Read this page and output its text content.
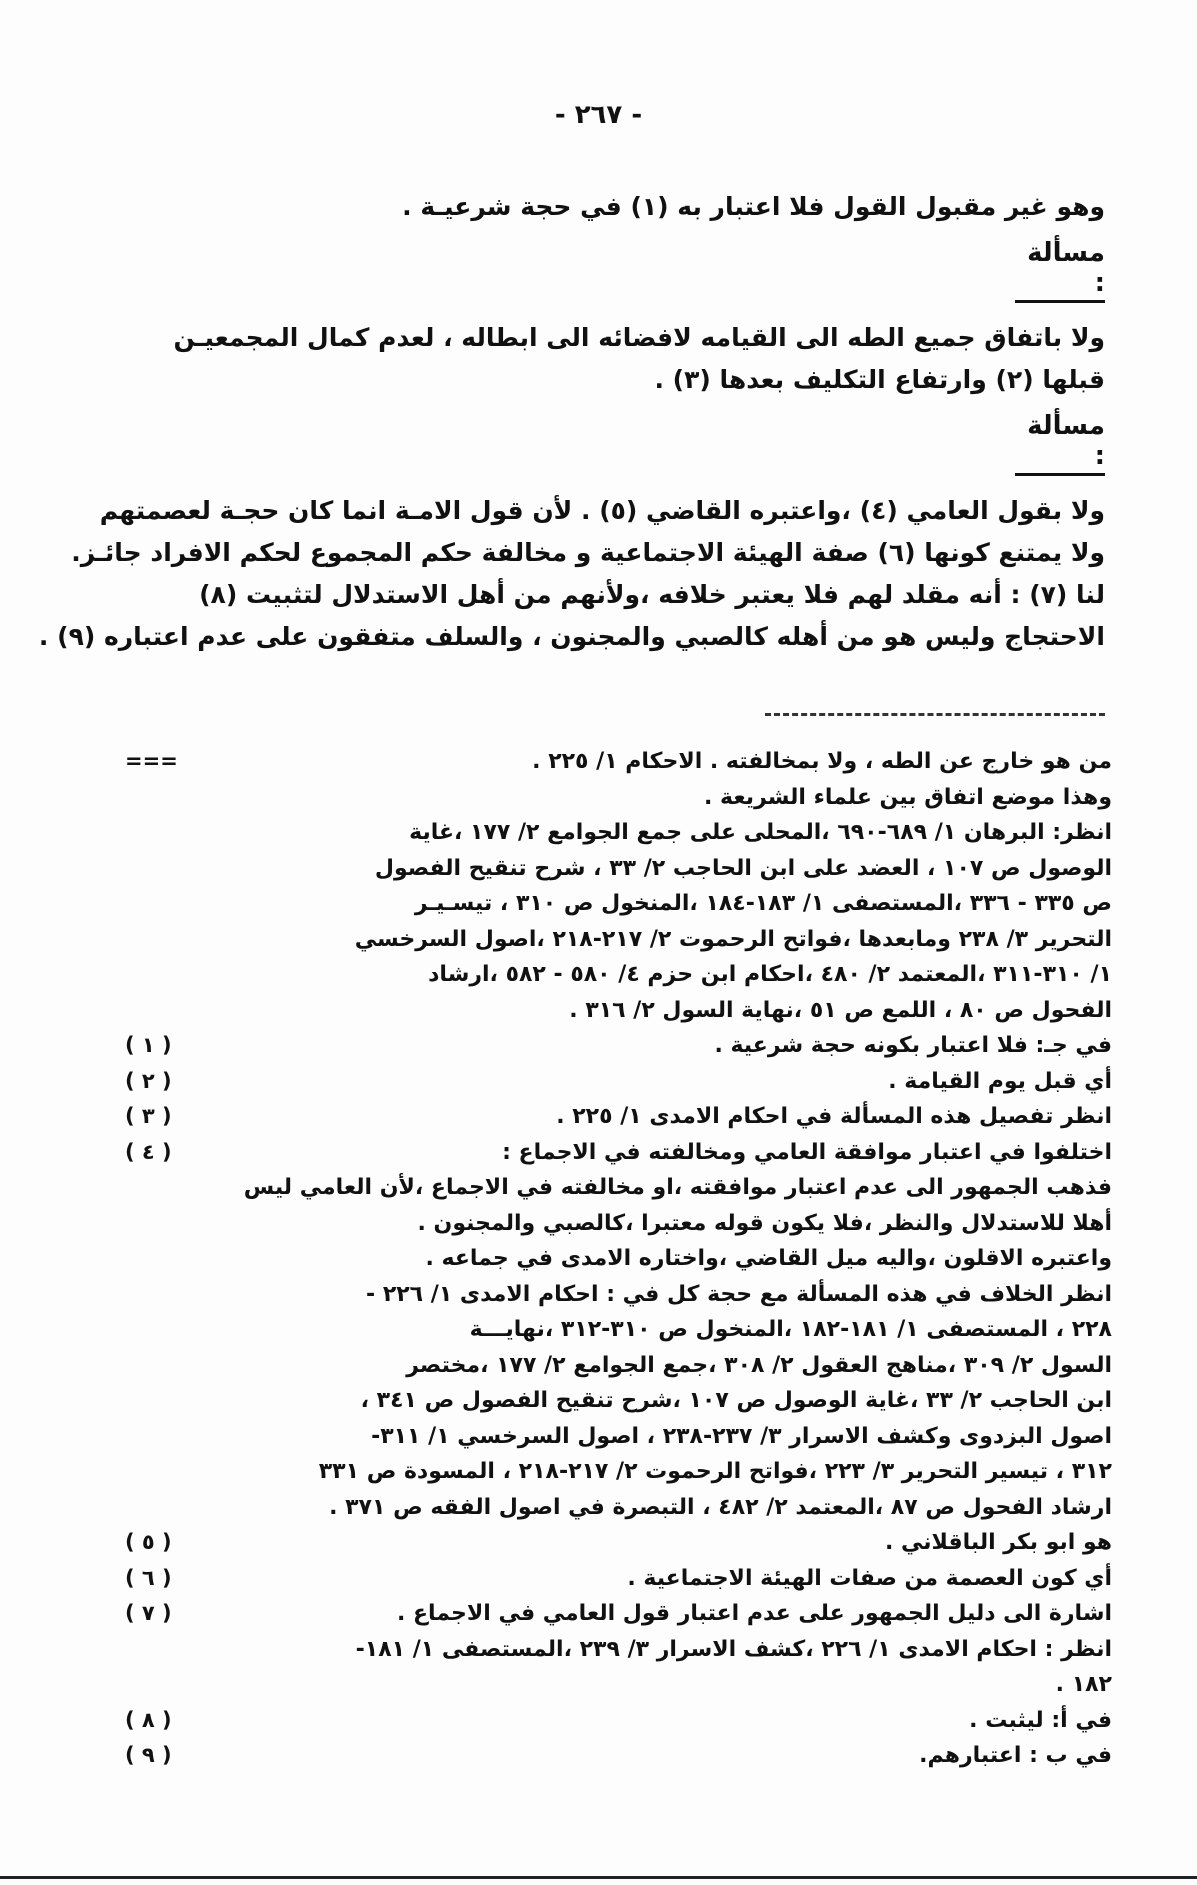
- ٢٦٧ -
وهو غير مقبول القول فلا اعتبار به (١) في حجة شرعيـة .
مسألة :
ولا باتفاق جميع الطه الى القيامه لافضائه الى ابطاله ، لعدم كمال المجمعيـن
قبلها (٢) وارتفاع التكليف بعدها (٣) .
مسألة :
ولا بقول العامي (٤) ،واعتبره القاضي (٥) . لأن قول الامـة انما كان حجـة لعصمتهم
ولا يمتنع كونها (٦) صفة الهيئة الاجتماعية و مخالفة حكم المجموع لحكم الافراد جائـز.
لنا (٧) : أنه مقلد لهم فلا يعتبر خلافه ،ولأنهم من أهل الاستدلال لتثبيت (٨)
الاحتجاج وليس هو من أهله كالصبي والمجنون ، والسلف متفقون على عدم اعتباره (٩) .
===	من هو خارج عن الطه ، ولا بمخالفته . الاحكام ١/ ٢٢٥ .
وهذا موضع اتفاق بين علماء الشريعة .
انظر: البرهان ١/ ٦٨٩-٦٩٠ ،المحلى على جمع الجوامع ٢/ ١٧٧ ،غاية
الوصول ص ١٠٧ ، العضد على ابن الحاجب ٢/ ٣٣ ، شرح تنقيح الفصول
ص ٣٣٥ - ٣٣٦ ،المستصفى ١/ ١٨٣-١٨٤ ،المنخول ص ٣١٠ ، تيسـيـر
التحرير ٣/ ٢٣٨ ومابعدها ،فواتح الرحموت ٢/ ٢١٧-٢١٨ ،اصول السرخسي
١/ ٣١٠-٣١١ ،المعتمد ٢/ ٤٨٠ ،احكام ابن حزم ٤/ ٥٨٠ - ٥٨٢ ،ارشاد
الفحول ص ٨٠ ، اللمع ص ٥١ ،نهاية السول ٢/ ٣١٦ .
( ١ )	في جـ: فلا اعتبار بكونه حجة شرعية .
( ٢ )	أي قبل يوم القيامة .
( ٣ )	انظر تفصيل هذه المسألة في احكام الامدى ١/ ٢٢٥ .
( ٤ )	اختلفوا في اعتبار موافقة العامي ومخالفته في الاجماع :
فذهب الجمهور الى عدم اعتبار موافقته ،او مخالفته في الاجماع ،لأن العامي ليس
أهلا للاستدلال والنظر ،فلا يكون قوله معتبرا ،كالصبي والمجنون .
واعتبره الاقلون ،واليه ميل القاضي ،واختاره الامدى في جماعه .
انظر الخلاف في هذه المسألة مع حجة كل في : احكام الامدى ١/ ٢٢٦ -
٢٢٨ ، المستصفى ١/ ١٨١-١٨٢ ،المنخول ص ٣١٠-٣١٢ ،نهايـــة
السول ٢/ ٣٠٩ ،مناهج العقول ٢/ ٣٠٨ ،جمع الجوامع ٢/ ١٧٧ ،مختصر
ابن الحاجب ٢/ ٣٣ ،غاية الوصول ص ١٠٧ ،شرح تنقيح الفصول ص ٣٤١ ،
اصول البزدوى وكشف الاسرار ٣/ ٢٣٧-٢٣٨ ، اصول السرخسي ١/ ٣١١-
٣١٢ ، تيسير التحرير ٣/ ٢٢٣ ،فواتح الرحموت ٢/ ٢١٧-٢١٨ ، المسودة ص ٣٣١
ارشاد الفحول ص ٨٧ ،المعتمد ٢/ ٤٨٢ ، التبصرة في اصول الفقه ص ٣٧١ .
( ٥ )	هو ابو بكر الباقلاني .
( ٦ )	أي كون العصمة من صفات الهيئة الاجتماعية .
( ٧ )	اشارة الى دليل الجمهور على عدم اعتبار قول العامي في الاجماع .
انظر : احكام الامدى ١/ ٢٢٦ ،كشف الاسرار ٣/ ٢٣٩ ،المستصفى ١/ ١٨١-
١٨٢ .
( ٨ )	في أ: ليثبت .
( ٩ )	في ب : اعتبارهم.
